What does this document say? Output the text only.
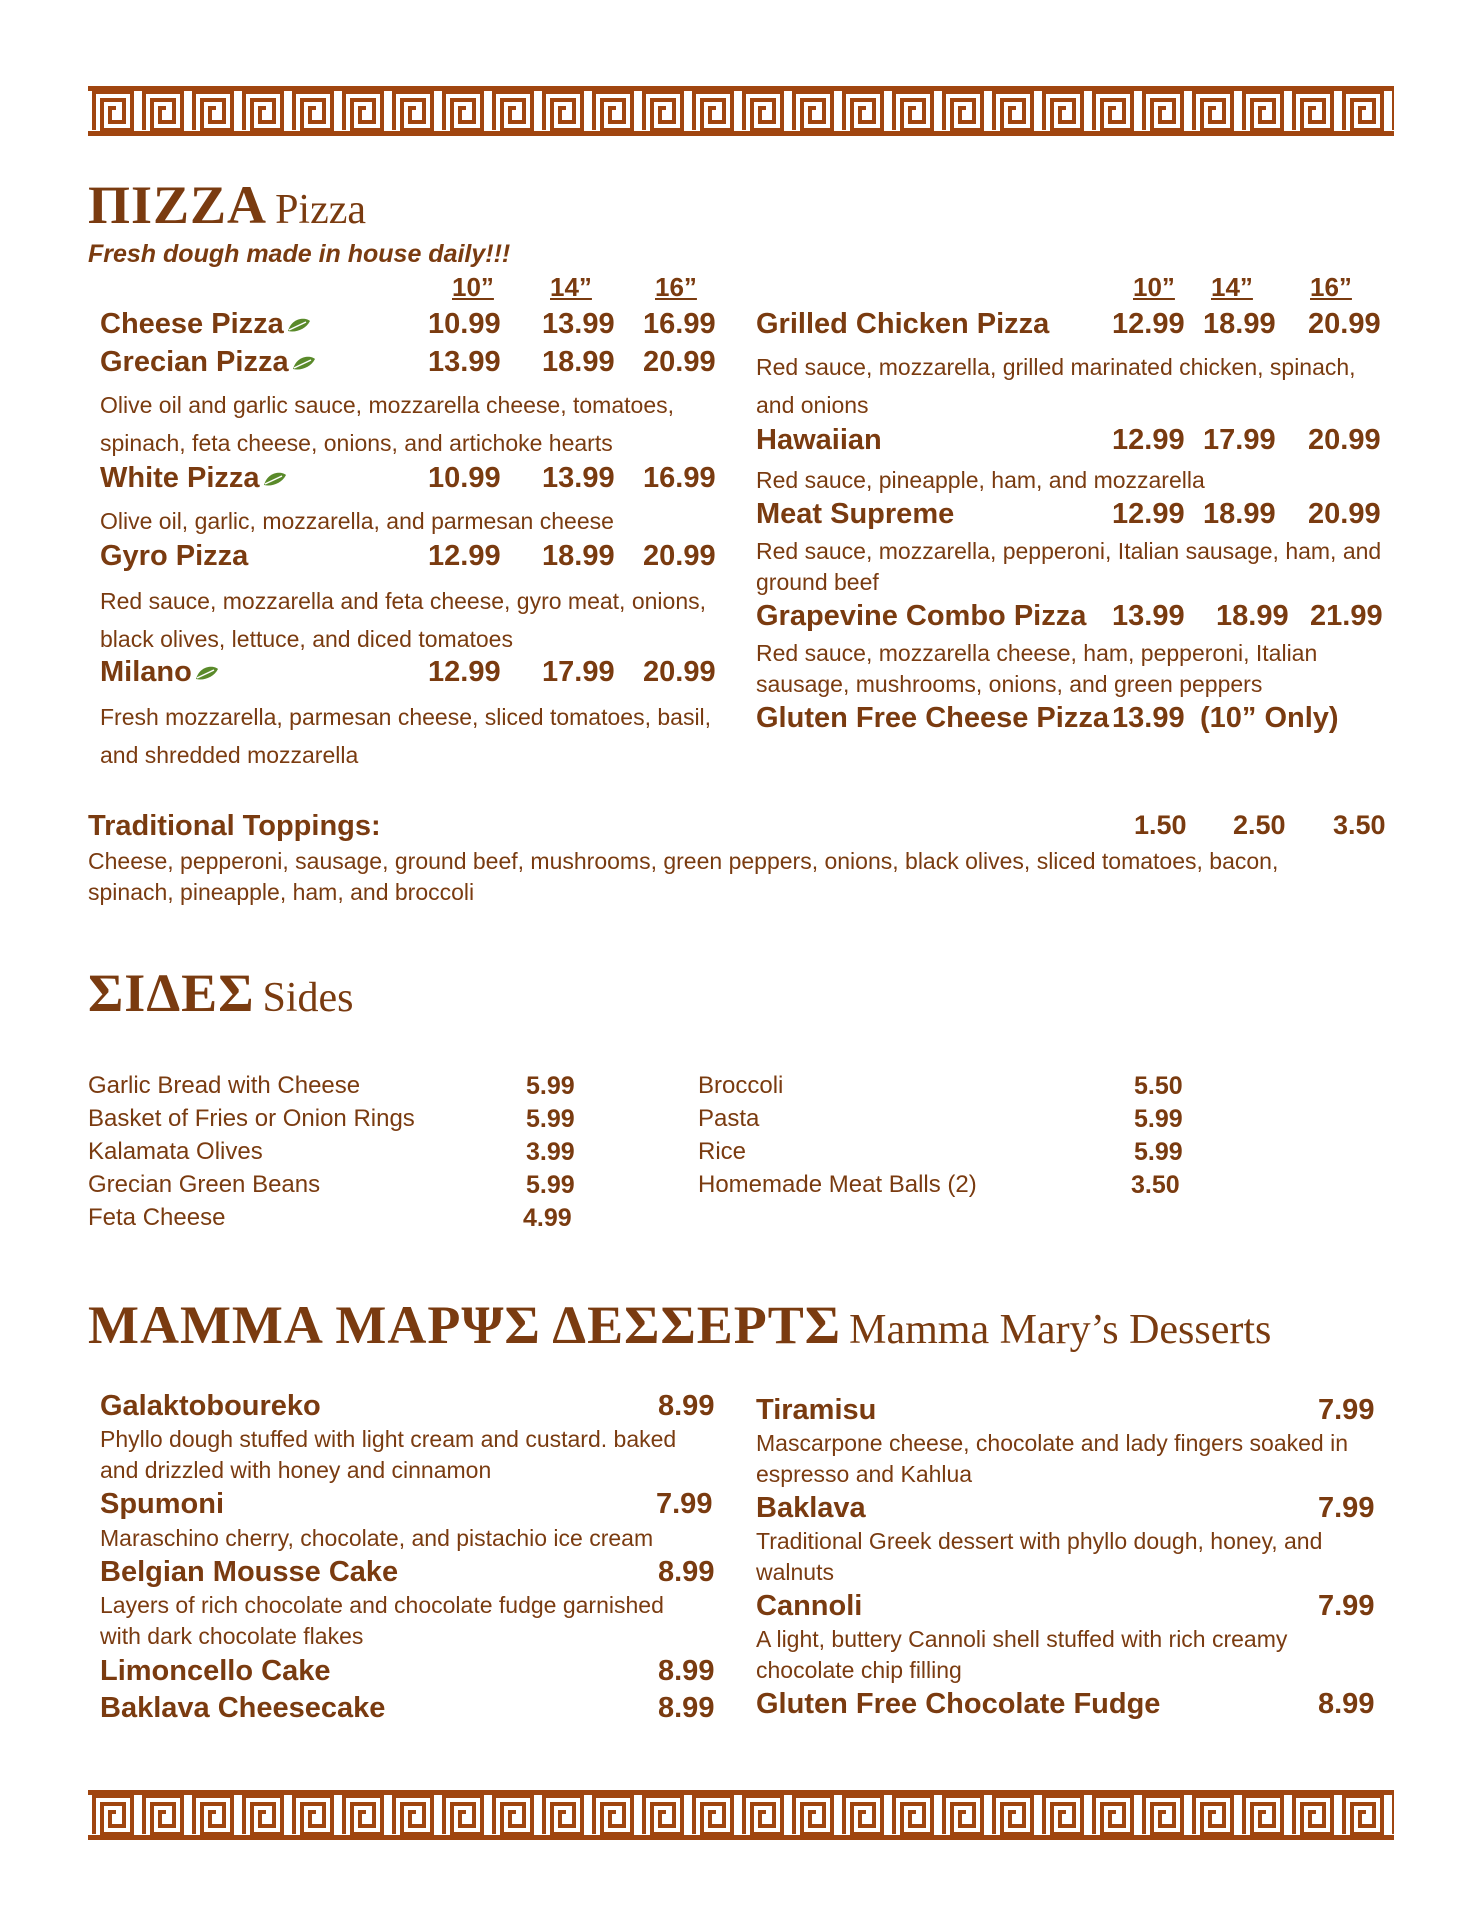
ΠΙΖΖΑ Pizza
Fresh dough made in house daily!!!
10” 14” 16”	10” 14” 16”
Cheese Pizza	10.99 13.99 16.99
Grecian Pizza	13.99 18.99 20.99
Olive oil and garlic sauce, mozzarella cheese, tomatoes, spinach, feta cheese, onions, and artichoke hearts
White Pizza	10.99 13.99 16.99
Olive oil, garlic, mozzarella, and parmesan cheese
Gyro Pizza	12.99 18.99 20.99
Red sauce, mozzarella and feta cheese, gyro meat, onions, black olives, lettuce, and diced tomatoes
Milano	12.99 17.99 20.99
Fresh mozzarella, parmesan cheese, sliced tomatoes, basil, and shredded mozzarella
Grilled Chicken Pizza 12.99 18.99 20.99
Red sauce, mozzarella, grilled marinated chicken, spinach, and onions
Hawaiian	12.99 17.99 20.99
Red sauce, pineapple, ham, and mozzarella
Meat Supreme	12.99 18.99 20.99
Red sauce, mozzarella, pepperoni, Italian sausage, ham, and ground beef
Grapevine Combo Pizza 13.99 18.99 21.99
Red sauce, mozzarella cheese, ham, pepperoni, Italian sausage, mushrooms, onions, and green peppers
Gluten Free Cheese Pizza 13.99 (10” Only)
Traditional Toppings:	1.50 2.50 3.50
Cheese, pepperoni, sausage, ground beef, mushrooms, green peppers, onions, black olives, sliced tomatoes, bacon, spinach, pineapple, ham, and broccoli
ΣΙΔΕΣ Sides
Garlic Bread with Cheese	5.99
Basket of Fries or Onion Rings	5.99
Kalamata Olives	3.99
Grecian Green Beans	5.99
Feta Cheese	4.99
Broccoli	5.50
Pasta	5.99
Rice	5.99
Homemade Meat Balls (2)	3.50
ΜΑΜΜΑ ΜΑΡΨΣ ΔΕΣΣΕΡΤΣ Mamma Mary’s Desserts
Galaktoboureko	8.99
Phyllo dough stuffed with light cream and custard. baked and drizzled with honey and cinnamon
Spumoni	7.99
Maraschino cherry, chocolate, and pistachio ice cream
Belgian Mousse Cake	8.99
Layers of rich chocolate and chocolate fudge garnished with dark chocolate flakes
Limoncello Cake	8.99
Baklava Cheesecake	8.99
Tiramisu	7.99
Mascarpone cheese, chocolate and lady fingers soaked in espresso and Kahlua
Baklava	7.99
Traditional Greek dessert with phyllo dough, honey, and walnuts
Cannoli	7.99
A light, buttery Cannoli shell stuffed with rich creamy chocolate chip filling
Gluten Free Chocolate Fudge	8.99
